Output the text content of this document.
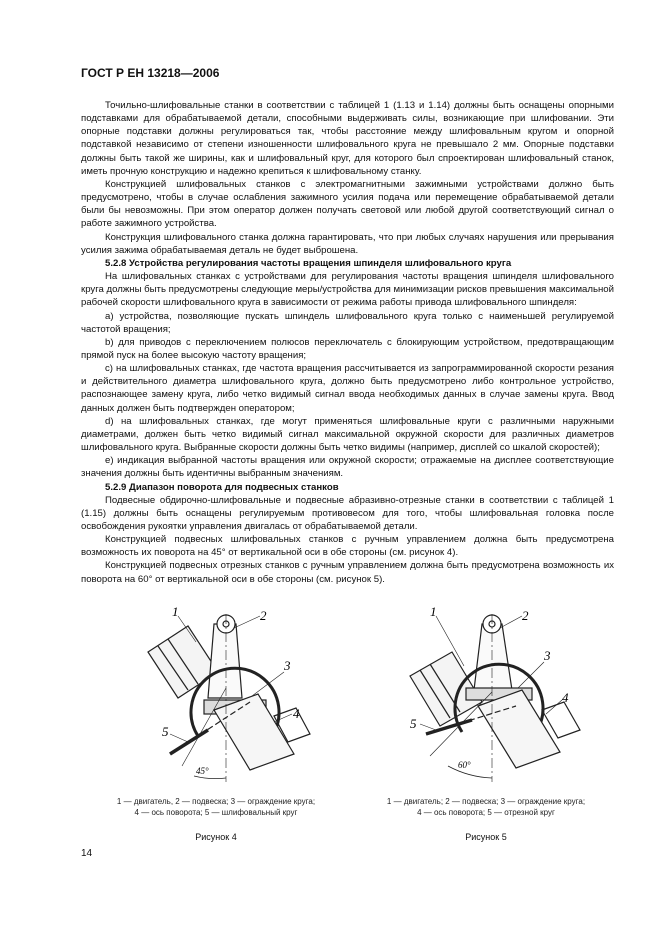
ГОСТ Р ЕН 13218—2006

Точильно-шлифовальные станки в соответствии с таблицей 1 (1.13 и 1.14) должны быть оснащены опорными подставками для обрабатываемой детали, способными выдерживать силы, возникающие при шлифовании. Эти опорные подставки должны регулироваться так, чтобы расстояние между шлифовальным кругом и опорной подставкой независимо от степени изношенности шлифовального круга не превышало 2 мм. Опорные подставки должны быть такой же ширины, как и шлифовальный круг, для которого был спроектирован шлифовальный станок, иметь прочную конструкцию и надежно крепиться к шлифовальному станку.

Конструкцией шлифовальных станков с электромагнитными зажимными устройствами должно быть предусмотрено, чтобы в случае ослабления зажимного усилия подача или перемещение обрабатываемой детали были бы невозможны. При этом оператор должен получать световой или любой другой соответствующий сигнал о работе зажимного устройства.

Конструкция шлифовального станка должна гарантировать, что при любых случаях нарушения или прерывания усилия зажима обрабатываемая деталь не будет выброшена.

5.2.8 Устройства регулирования частоты вращения шпинделя шлифовального круга

На шлифовальных станках с устройствами для регулирования частоты вращения шпинделя шлифовального круга должны быть предусмотрены следующие меры/устройства для минимизации рисков превышения максимальной рабочей скорости шлифовального круга в зависимости от режима работы привода шлифовального шпинделя:

a) устройства, позволяющие пускать шпиндель шлифовального круга только с наименьшей регулируемой частотой вращения;

b) для приводов с переключением полюсов переключатель с блокирующим устройством, предотвращающим прямой пуск на более высокую частоту вращения;

c) на шлифовальных станках, где частота вращения рассчитывается из запрограммированной скорости резания и действительного диаметра шлифовального круга, должно быть предусмотрено либо контрольное устройство, распознающее замену круга, либо четко видимый сигнал ввода необходимых данных в случае замены круга. Ввод данных должен быть подтвержден оператором;

d) на шлифовальных станках, где могут применяться шлифовальные круги с различными наружными диаметрами, должен быть четко видимый сигнал максимальной окружной скорости для различных диаметров шлифовального круга. Выбранные скорости должны быть четко видимы (например, дисплей со шкалой скоростей);

e) индикация выбранной частоты вращения или окружной скорости; отражаемые на дисплее соответствующие значения должны быть идентичны выбранным значениям.

5.2.9 Диапазон поворота для подвесных станков

Подвесные обдирочно-шлифовальные и подвесные абразивно-отрезные станки в соответствии с таблицей 1 (1.15) должны быть оснащены регулируемым противовесом для того, чтобы шлифовальная головка после освобождения рукоятки управления двигалась от обрабатываемой детали.

Конструкцией подвесных шлифовальных станков с ручным управлением должна быть предусмотрена возможность их поворота на 45° от вертикальной оси в обе стороны (см. рисунок 4).

Конструкцией подвесных отрезных станков с ручным управлением должна быть предусмотрена возможность их поворота на 60° от вертикальной оси в обе стороны (см. рисунок 5).

1	2
3
4
5
45°
1 — двигатель, 2 — подвеска; 3 — ограждение круга;
4 — ось поворота; 5 — шлифовальный круг
Рисунок 4
1	2
3
4
5
60°
1 — двигатель; 2 — подвеска; 3 — ограждение круга;
4 — ось поворота; 5 — отрезной круг
Рисунок 5
14
